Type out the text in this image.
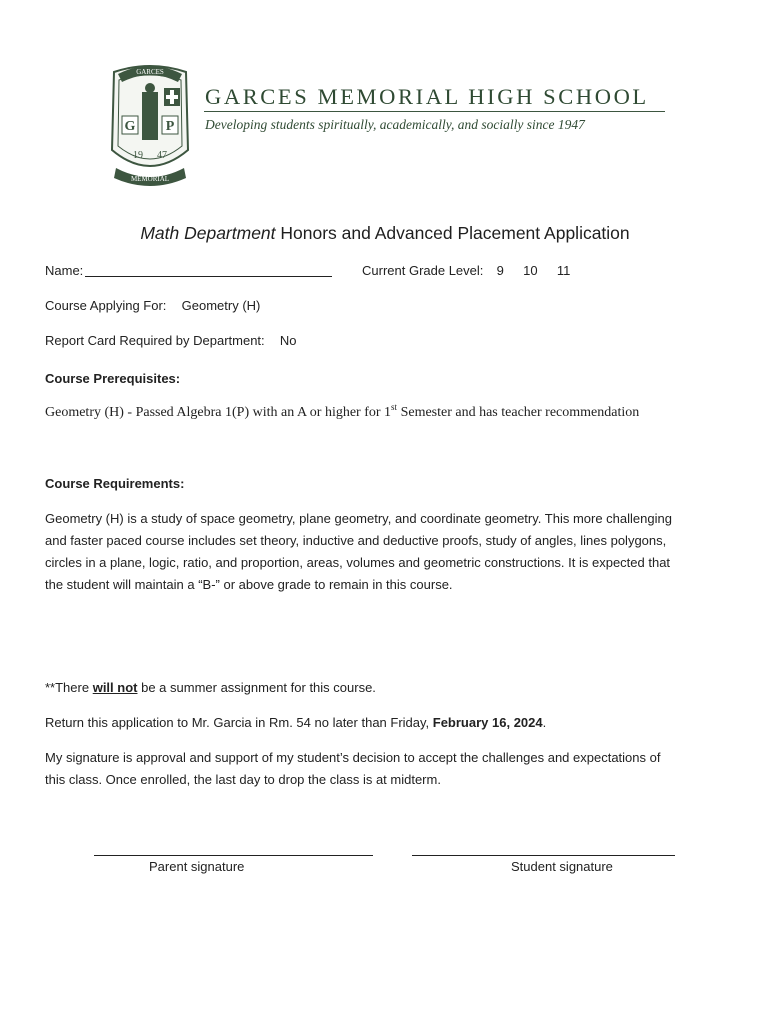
GARCES
G P
19 47
MEMORIAL
GARCES MEMORIAL HIGH SCHOOL
Developing students spiritually, academically, and socially since 1947
Math Department Honors and Advanced Placement Application
Name:	Current Grade Level: 9 10 11
Course Applying For: Geometry (H)
Report Card Required by Department: No
Course Prerequisites:
Geometry (H) - Passed Algebra 1(P) with an A or higher for 1st Semester and has teacher recommendation
Course Requirements:
Geometry (H) is a study of space geometry, plane geometry, and coordinate geometry. This more challenging
and faster paced course includes set theory, inductive and deductive proofs, study of angles, lines polygons,
circles in a plane, logic, ratio, and proportion, areas, volumes and geometric constructions. It is expected that
the student will maintain a “B-” or above grade to remain in this course.
**There will not be a summer assignment for this course.
Return this application to Mr. Garcia in Rm. 54 no later than Friday, February 16, 2024.
My signature is approval and support of my student’s decision to accept the challenges and expectations of
this class. Once enrolled, the last day to drop the class is at midterm.
Parent signature	Student signature
